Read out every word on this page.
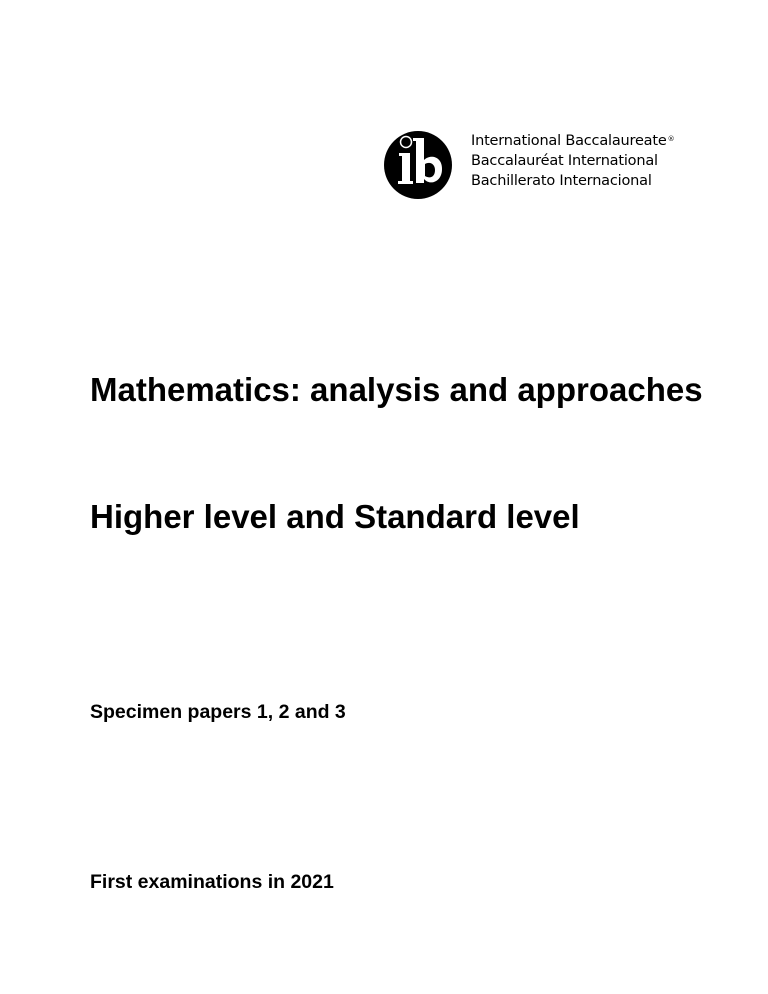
International Baccalaureate®
Baccalauréat International
Bachillerato Internacional
Mathematics: analysis and approaches
Higher level and Standard level

Specimen papers 1, 2 and 3

First examinations in 2021
